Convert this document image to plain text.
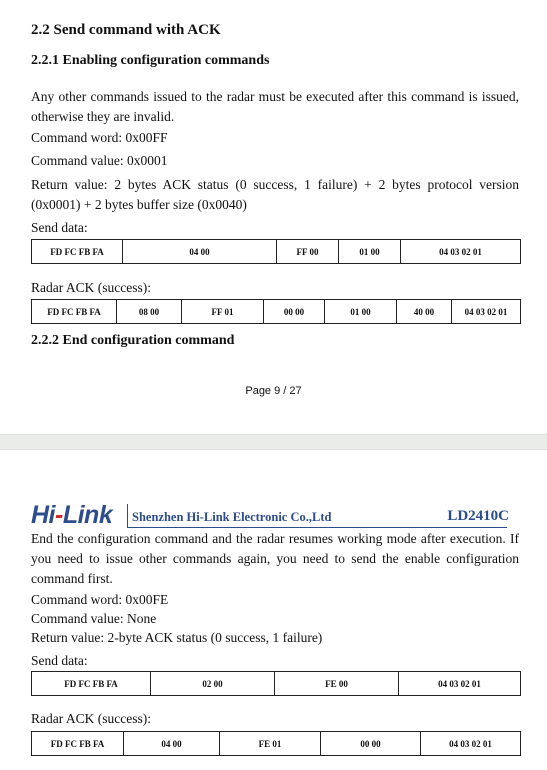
2.2 Send command with ACK
2.2.1 Enabling configuration commands
Any other commands issued to the radar must be executed after this command is issued, otherwise they are invalid.
Command word: 0x00FF
Command value: 0x0001
Return value: 2 bytes ACK status (0 success, 1 failure) + 2 bytes protocol version (0x0001) + 2 bytes buffer size (0x0040)
Send data:
FD FC FB FA	04 00	FF 00	01 00	04 03 02 01
Radar ACK (success):
FD FC FB FA	08 00	FF 01	00 00	01 00	40 00	04 03 02 01
2.2.2 End configuration command
Page 9 / 27
Hi-Link Shenzhen Hi-Link Electronic Co.,Ltd	LD2410C
End the configuration command and the radar resumes working mode after execution. If you need to issue other commands again, you need to send the enable configuration command first.
Command word: 0x00FE
Command value: None
Return value: 2-byte ACK status (0 success, 1 failure)
Send data:
FD FC FB FA	02 00	FE 00	04 03 02 01
Radar ACK (success):
FD FC FB FA	04 00	FE 01	00 00	04 03 02 01
